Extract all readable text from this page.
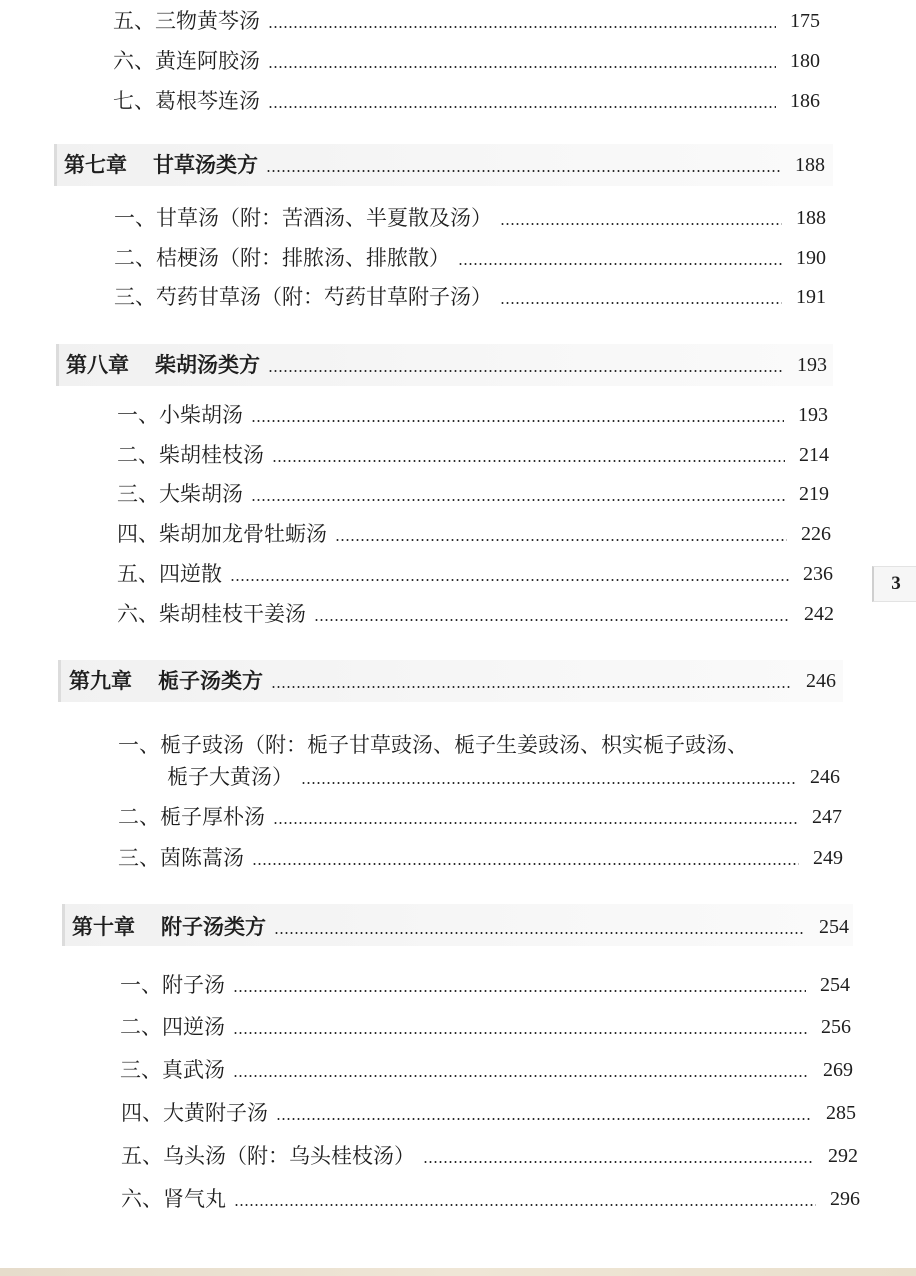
五、三物黄芩汤	175
六、黄连阿胶汤	180
七、葛根芩连汤	186
第七章 甘草汤类方	188
一、甘草汤（附：苦酒汤、半夏散及汤）	188
二、桔梗汤（附：排脓汤、排脓散）	190
三、芍药甘草汤（附：芍药甘草附子汤）	191
第八章 柴胡汤类方	193
一、小柴胡汤	193
二、柴胡桂枝汤	214
三、大柴胡汤	219
四、柴胡加龙骨牡蛎汤	226
五、四逆散	236
六、柴胡桂枝干姜汤	242
第九章 栀子汤类方	246
一、栀子豉汤（附：栀子甘草豉汤、栀子生姜豉汤、枳实栀子豉汤、
栀子大黄汤）	246
二、栀子厚朴汤	247
三、茵陈蒿汤	249
第十章 附子汤类方	254
一、附子汤	254
二、四逆汤	256
三、真武汤	269
四、大黄附子汤	285
五、乌头汤（附：乌头桂枝汤）	292
六、肾气丸	296
3
